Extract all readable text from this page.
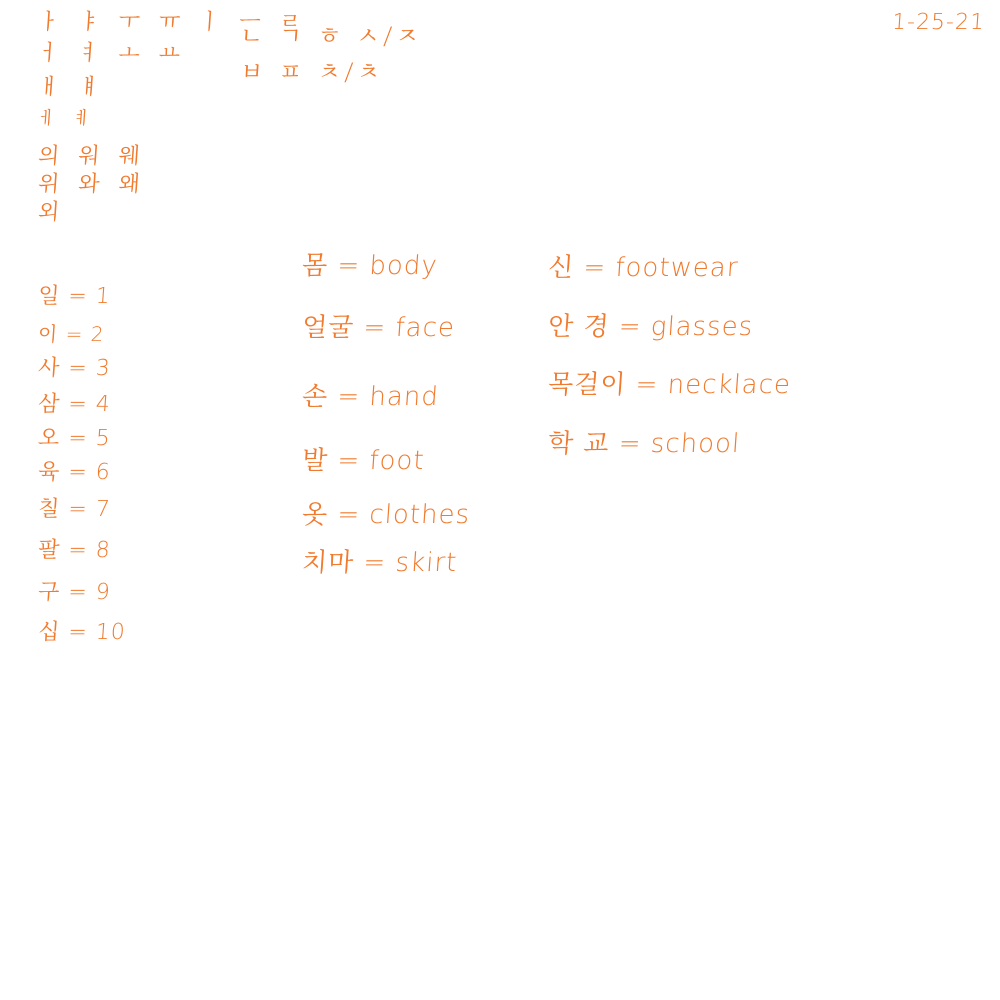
1-25-21
ㅏ ㅑ ㅜ ㅠ ㅣ ㅡ ㄹ
ㅓ ㅕ ㅗ ㅛ
ㅐ ㅒ
ㅔ ㅖ
의 워 웨
위 와 왜
외
ㄴ ㄱ ㅎ ㅅ/ㅈ
ㅂ ㅍ ㅊ/ㅊ
일 = 1
이 = 2
사 = 3
삼 = 4
오 = 5
육 = 6
칠 = 7
팔 = 8
구 = 9
십 = 10
몸 = body
얼굴 = face
손 = hand
발 = foot
옷 = clothes
치마 = skirt
신 = footwear
안 경 = glasses
목걸이 = necklace
학 교 = school
